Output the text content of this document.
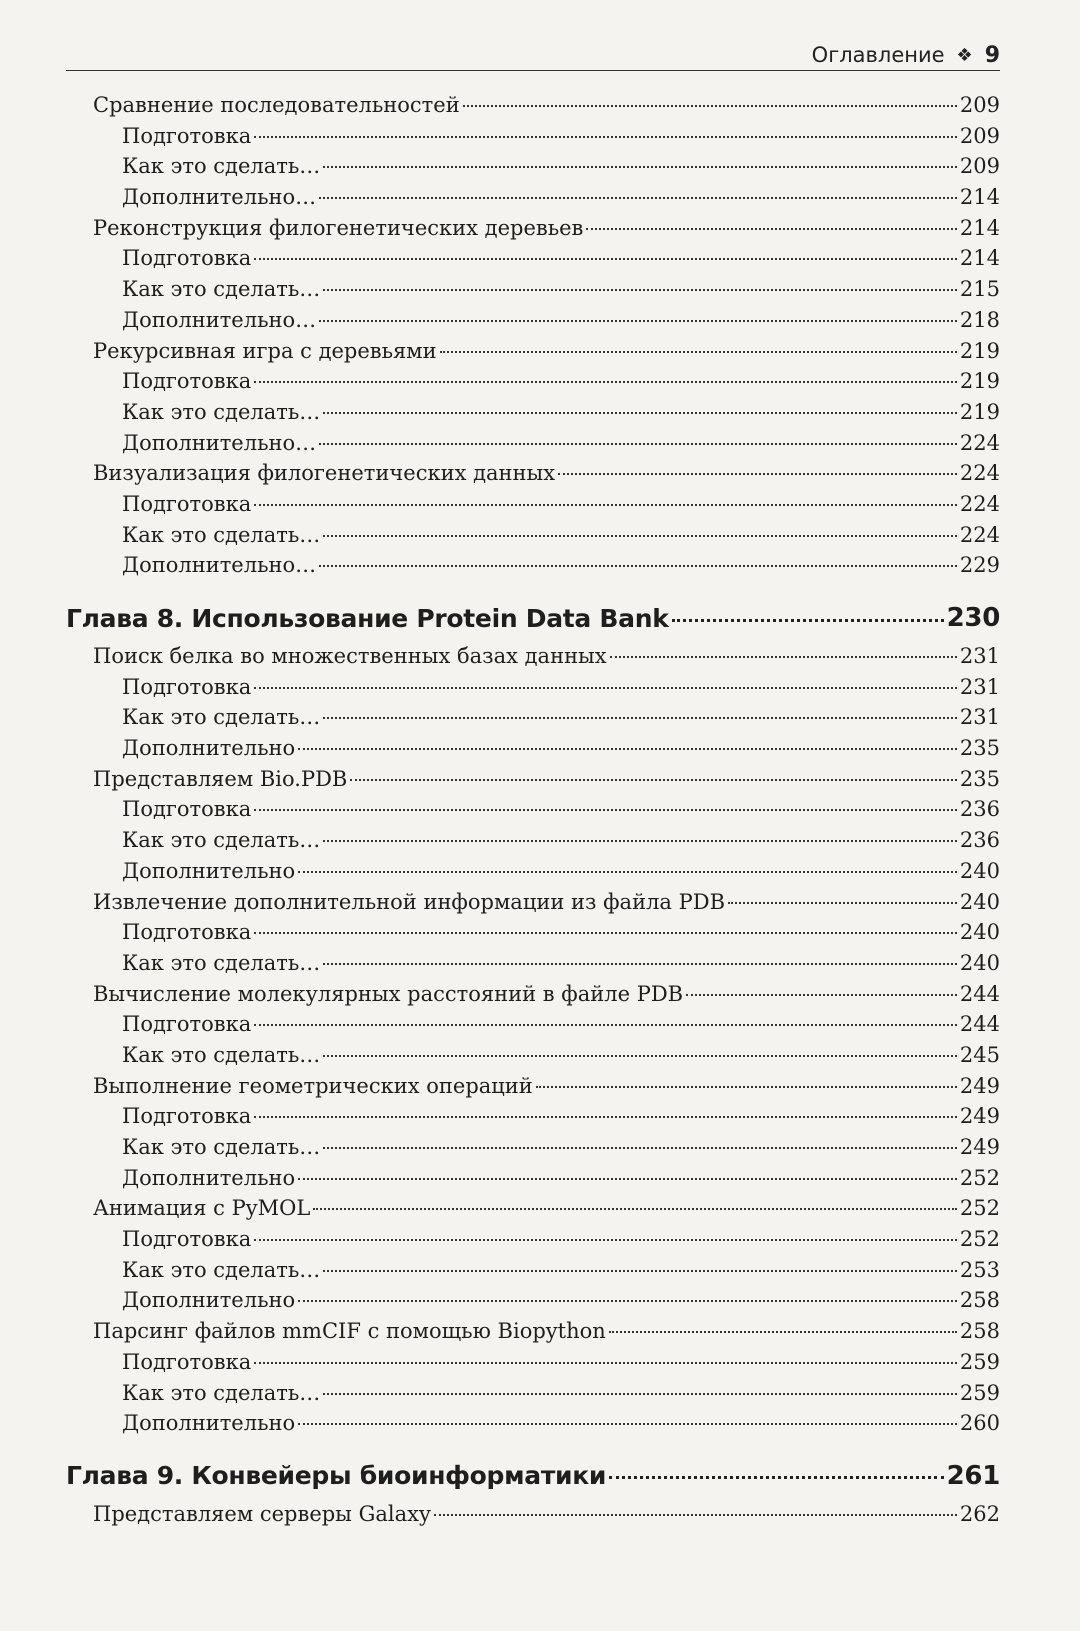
Оглавление ❖ 9
Сравнение последовательностей	209
Подготовка	209
Как это сделать…	209
Дополнительно…	214
Реконструкция филогенетических деревьев	214
Подготовка	214
Как это сделать…	215
Дополнительно…	218
Рекурсивная игра с деревьями	219
Подготовка	219
Как это сделать…	219
Дополнительно…	224
Визуализация филогенетических данных	224
Подготовка	224
Как это сделать…	224
Дополнительно…	229
Глава 8. Использование Protein Data Bank	230
Поиск белка во множественных базах данных	231
Подготовка	231
Как это сделать…	231
Дополнительно	235
Представляем Bio.PDB	235
Подготовка	236
Как это сделать…	236
Дополнительно	240
Извлечение дополнительной информации из файла PDB	240
Подготовка	240
Как это сделать…	240
Вычисление молекулярных расстояний в файле PDB	244
Подготовка	244
Как это сделать…	245
Выполнение геометрических операций	249
Подготовка	249
Как это сделать…	249
Дополнительно	252
Анимация с PyMOL	252
Подготовка	252
Как это сделать…	253
Дополнительно	258
Парсинг файлов mmCIF с помощью Biopython	258
Подготовка	259
Как это сделать…	259
Дополнительно	260
Глава 9. Конвейеры биоинформатики	261
Представляем серверы Galaxy	262
